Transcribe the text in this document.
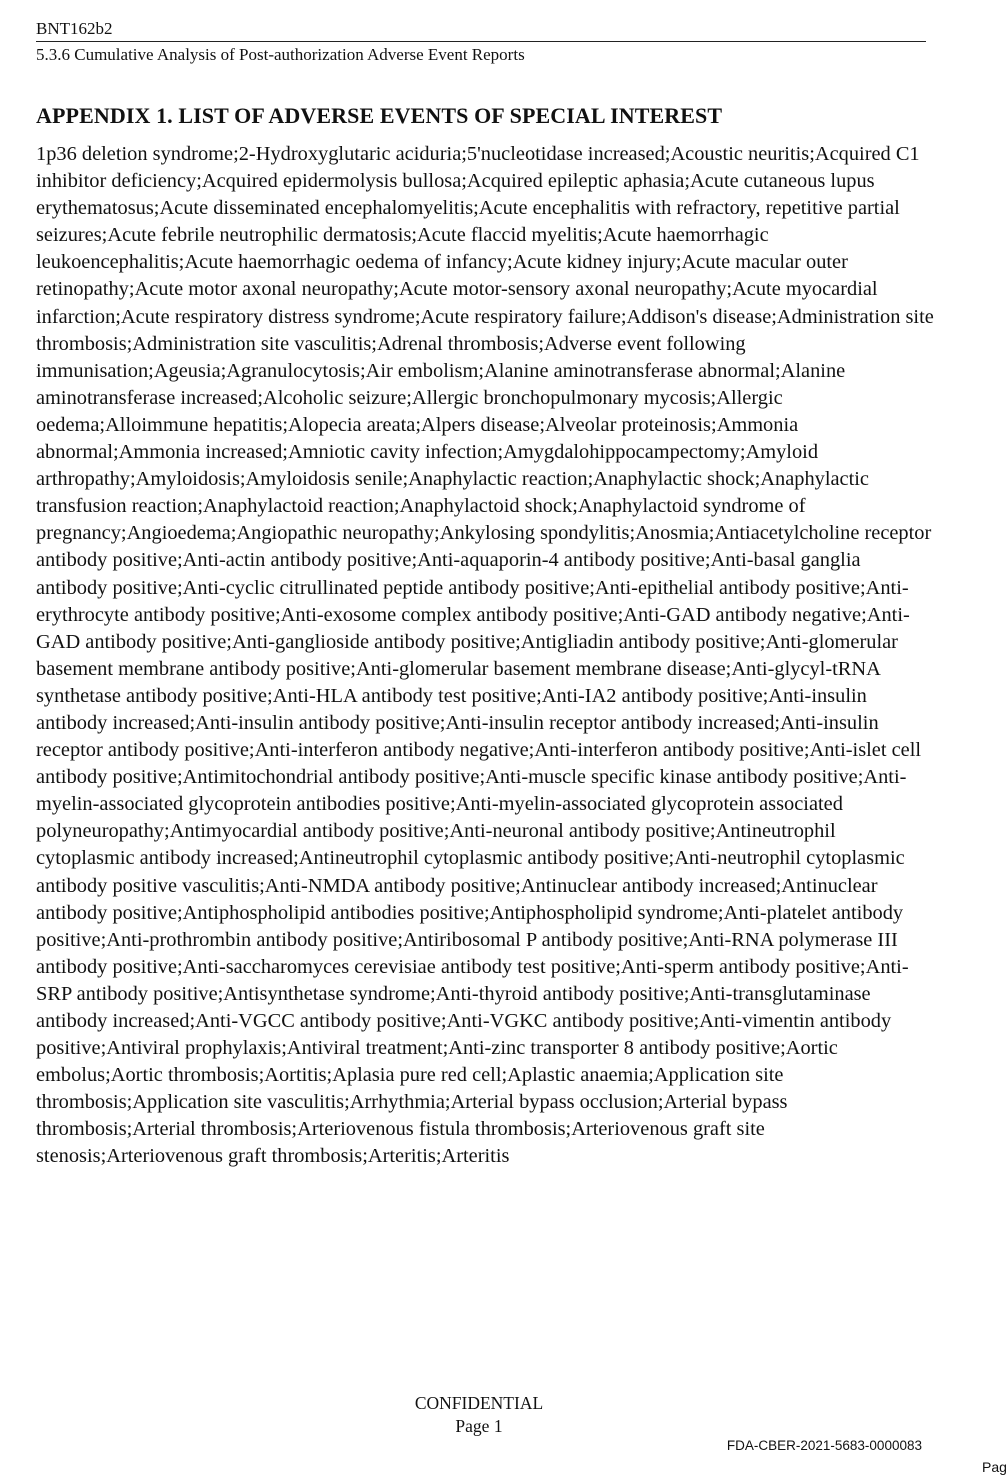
BNT162b2
5.3.6 Cumulative Analysis of Post-authorization Adverse Event Reports
APPENDIX 1. LIST OF ADVERSE EVENTS OF SPECIAL INTEREST

1p36 deletion syndrome;2-Hydroxyglutaric aciduria;5'nucleotidase increased;Acoustic neuritis;Acquired C1 inhibitor deficiency;Acquired epidermolysis bullosa;Acquired epileptic aphasia;Acute cutaneous lupus erythematosus;Acute disseminated encephalomyelitis;Acute encephalitis with refractory, repetitive partial seizures;Acute febrile neutrophilic dermatosis;Acute flaccid myelitis;Acute haemorrhagic leukoencephalitis;Acute haemorrhagic oedema of infancy;Acute kidney injury;Acute macular outer retinopathy;Acute motor axonal neuropathy;Acute motor-sensory axonal neuropathy;Acute myocardial infarction;Acute respiratory distress syndrome;Acute respiratory failure;Addison's disease;Administration site thrombosis;Administration site vasculitis;Adrenal thrombosis;Adverse event following immunisation;Ageusia;Agranulocytosis;Air embolism;Alanine aminotransferase abnormal;Alanine aminotransferase increased;Alcoholic seizure;Allergic bronchopulmonary mycosis;Allergic oedema;Alloimmune hepatitis;Alopecia areata;Alpers disease;Alveolar proteinosis;Ammonia abnormal;Ammonia increased;Amniotic cavity infection;Amygdalohippocampectomy;Amyloid arthropathy;Amyloidosis;Amyloidosis senile;Anaphylactic reaction;Anaphylactic shock;Anaphylactic transfusion reaction;Anaphylactoid reaction;Anaphylactoid shock;Anaphylactoid syndrome of pregnancy;Angioedema;Angiopathic neuropathy;Ankylosing spondylitis;Anosmia;Antiacetylcholine receptor antibody positive;Anti-actin antibody positive;Anti-aquaporin-4 antibody positive;Anti-basal ganglia antibody positive;Anti-cyclic citrullinated peptide antibody positive;Anti-epithelial antibody positive;Anti-erythrocyte antibody positive;Anti-exosome complex antibody positive;Anti-GAD antibody negative;Anti-GAD antibody positive;Anti-ganglioside antibody positive;Antigliadin antibody positive;Anti-glomerular basement membrane antibody positive;Anti-glomerular basement membrane disease;Anti-glycyl-tRNA synthetase antibody positive;Anti-HLA antibody test positive;Anti-IA2 antibody positive;Anti-insulin antibody increased;Anti-insulin antibody positive;Anti-insulin receptor antibody increased;Anti-insulin receptor antibody positive;Anti-interferon antibody negative;Anti-interferon antibody positive;Anti-islet cell antibody positive;Antimitochondrial antibody positive;Anti-muscle specific kinase antibody positive;Anti-myelin-associated glycoprotein antibodies positive;Anti-myelin-associated glycoprotein associated polyneuropathy;Antimyocardial antibody positive;Anti-neuronal antibody positive;Antineutrophil cytoplasmic antibody increased;Antineutrophil cytoplasmic antibody positive;Anti-neutrophil cytoplasmic antibody positive vasculitis;Anti-NMDA antibody positive;Antinuclear antibody increased;Antinuclear antibody positive;Antiphospholipid antibodies positive;Antiphospholipid syndrome;Anti-platelet antibody positive;Anti-prothrombin antibody positive;Antiribosomal P antibody positive;Anti-RNA polymerase III antibody positive;Anti-saccharomyces cerevisiae antibody test positive;Anti-sperm antibody positive;Anti-SRP antibody positive;Antisynthetase syndrome;Anti-thyroid antibody positive;Anti-transglutaminase antibody increased;Anti-VGCC antibody positive;Anti-VGKC antibody positive;Anti-vimentin antibody positive;Antiviral prophylaxis;Antiviral treatment;Anti-zinc transporter 8 antibody positive;Aortic embolus;Aortic thrombosis;Aortitis;Aplasia pure red cell;Aplastic anaemia;Application site thrombosis;Application site vasculitis;Arrhythmia;Arterial bypass occlusion;Arterial bypass thrombosis;Arterial thrombosis;Arteriovenous fistula thrombosis;Arteriovenous graft site stenosis;Arteriovenous graft thrombosis;Arteritis;Arteritis

CONFIDENTIAL
Page 1
FDA-CBER-2021-5683-0000083
Pag
